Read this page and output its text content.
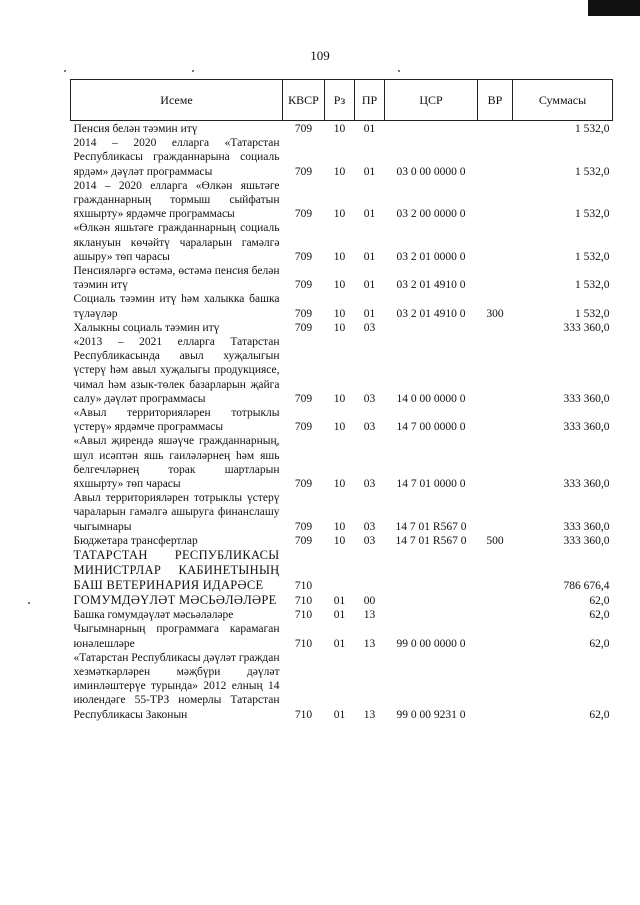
109
Исеме	КВСР	Рз	ПР	ЦСР	ВР	Суммасы
Пенсия белән тәэмин итү	709	10	01			1 532,0
2014 – 2020 елларга «Татарстан Республикасы гражданнарына социаль ярдәм» дәүләт программасы	709	10	01	03 0 00 0000 0		1 532,0
2014 – 2020 елларга «Өлкән яшьтәге гражданнарның тормыш сыйфатын яхшырту» ярдәмче программасы	709	10	01	03 2 00 0000 0		1 532,0
«Өлкән яшьтәге гражданнарның социаль яклануын көчәйтү чараларын гамәлгә ашыру» төп чарасы	709	10	01	03 2 01 0000 0		1 532,0
Пенсияләргә өстәмә, өстәмә пенсия белән тәэмин итү	709	10	01	03 2 01 4910 0		1 532,0
Социаль тәэмин итү һәм халыкка башка түләүләр	709	10	01	03 2 01 4910 0	300	1 532,0
Халыкны социаль тәэмин итү	709	10	03			333 360,0
«2013 – 2021 елларга Татарстан Республикасында авыл хуҗалыгын үстерү һәм авыл хуҗалыгы продукциясе, чимал һәм азык-төлек базарларын җайга салу» дәүләт программасы	709	10	03	14 0 00 0000 0		333 360,0
«Авыл территорияләрен тотрыклы үстерү» ярдәмче программасы	709	10	03	14 7 00 0000 0		333 360,0
«Авыл җирендә яшәүче гражданнарның, шул исәптән яшь гаиләләрнең һәм яшь белгечләрнең торак шартларын яхшырту» төп чарасы	709	10	03	14 7 01 0000 0		333 360,0
Авыл территорияләрен тотрыклы үстерү чараларын гамәлгә ашыруга финанслашу чыгымнары	709	10	03	14 7 01 R567 0		333 360,0
Бюджетара трансфертлар	709	10	03	14 7 01 R567 0	500	333 360,0
ТАТАРСТАН РЕСПУБЛИКАСЫ МИНИСТРЛАР КАБИНЕТЫНЫҢ БАШ ВЕТЕРИНАРИЯ ИДАРӘСЕ	710					786 676,4
ГОМУМДӘҮЛӘТ МӘСЬӘЛӘЛӘРЕ	710	01	00			62,0
Башка гомумдәүләт мәсьәләләре	710	01	13			62,0
Чыгымнарның программага карамаган юнәлешләре	710	01	13	99 0 00 0000 0		62,0
«Татарстан Республикасы дәүләт граждан хезмәткәрләрен мәҗбүри дәүләт иминләштерүе турында» 2012 елның 14 июлендәге 55-ТРЗ номерлы Татарстан Республикасы Законын	710	01	13	99 0 00 9231 0		62,0
